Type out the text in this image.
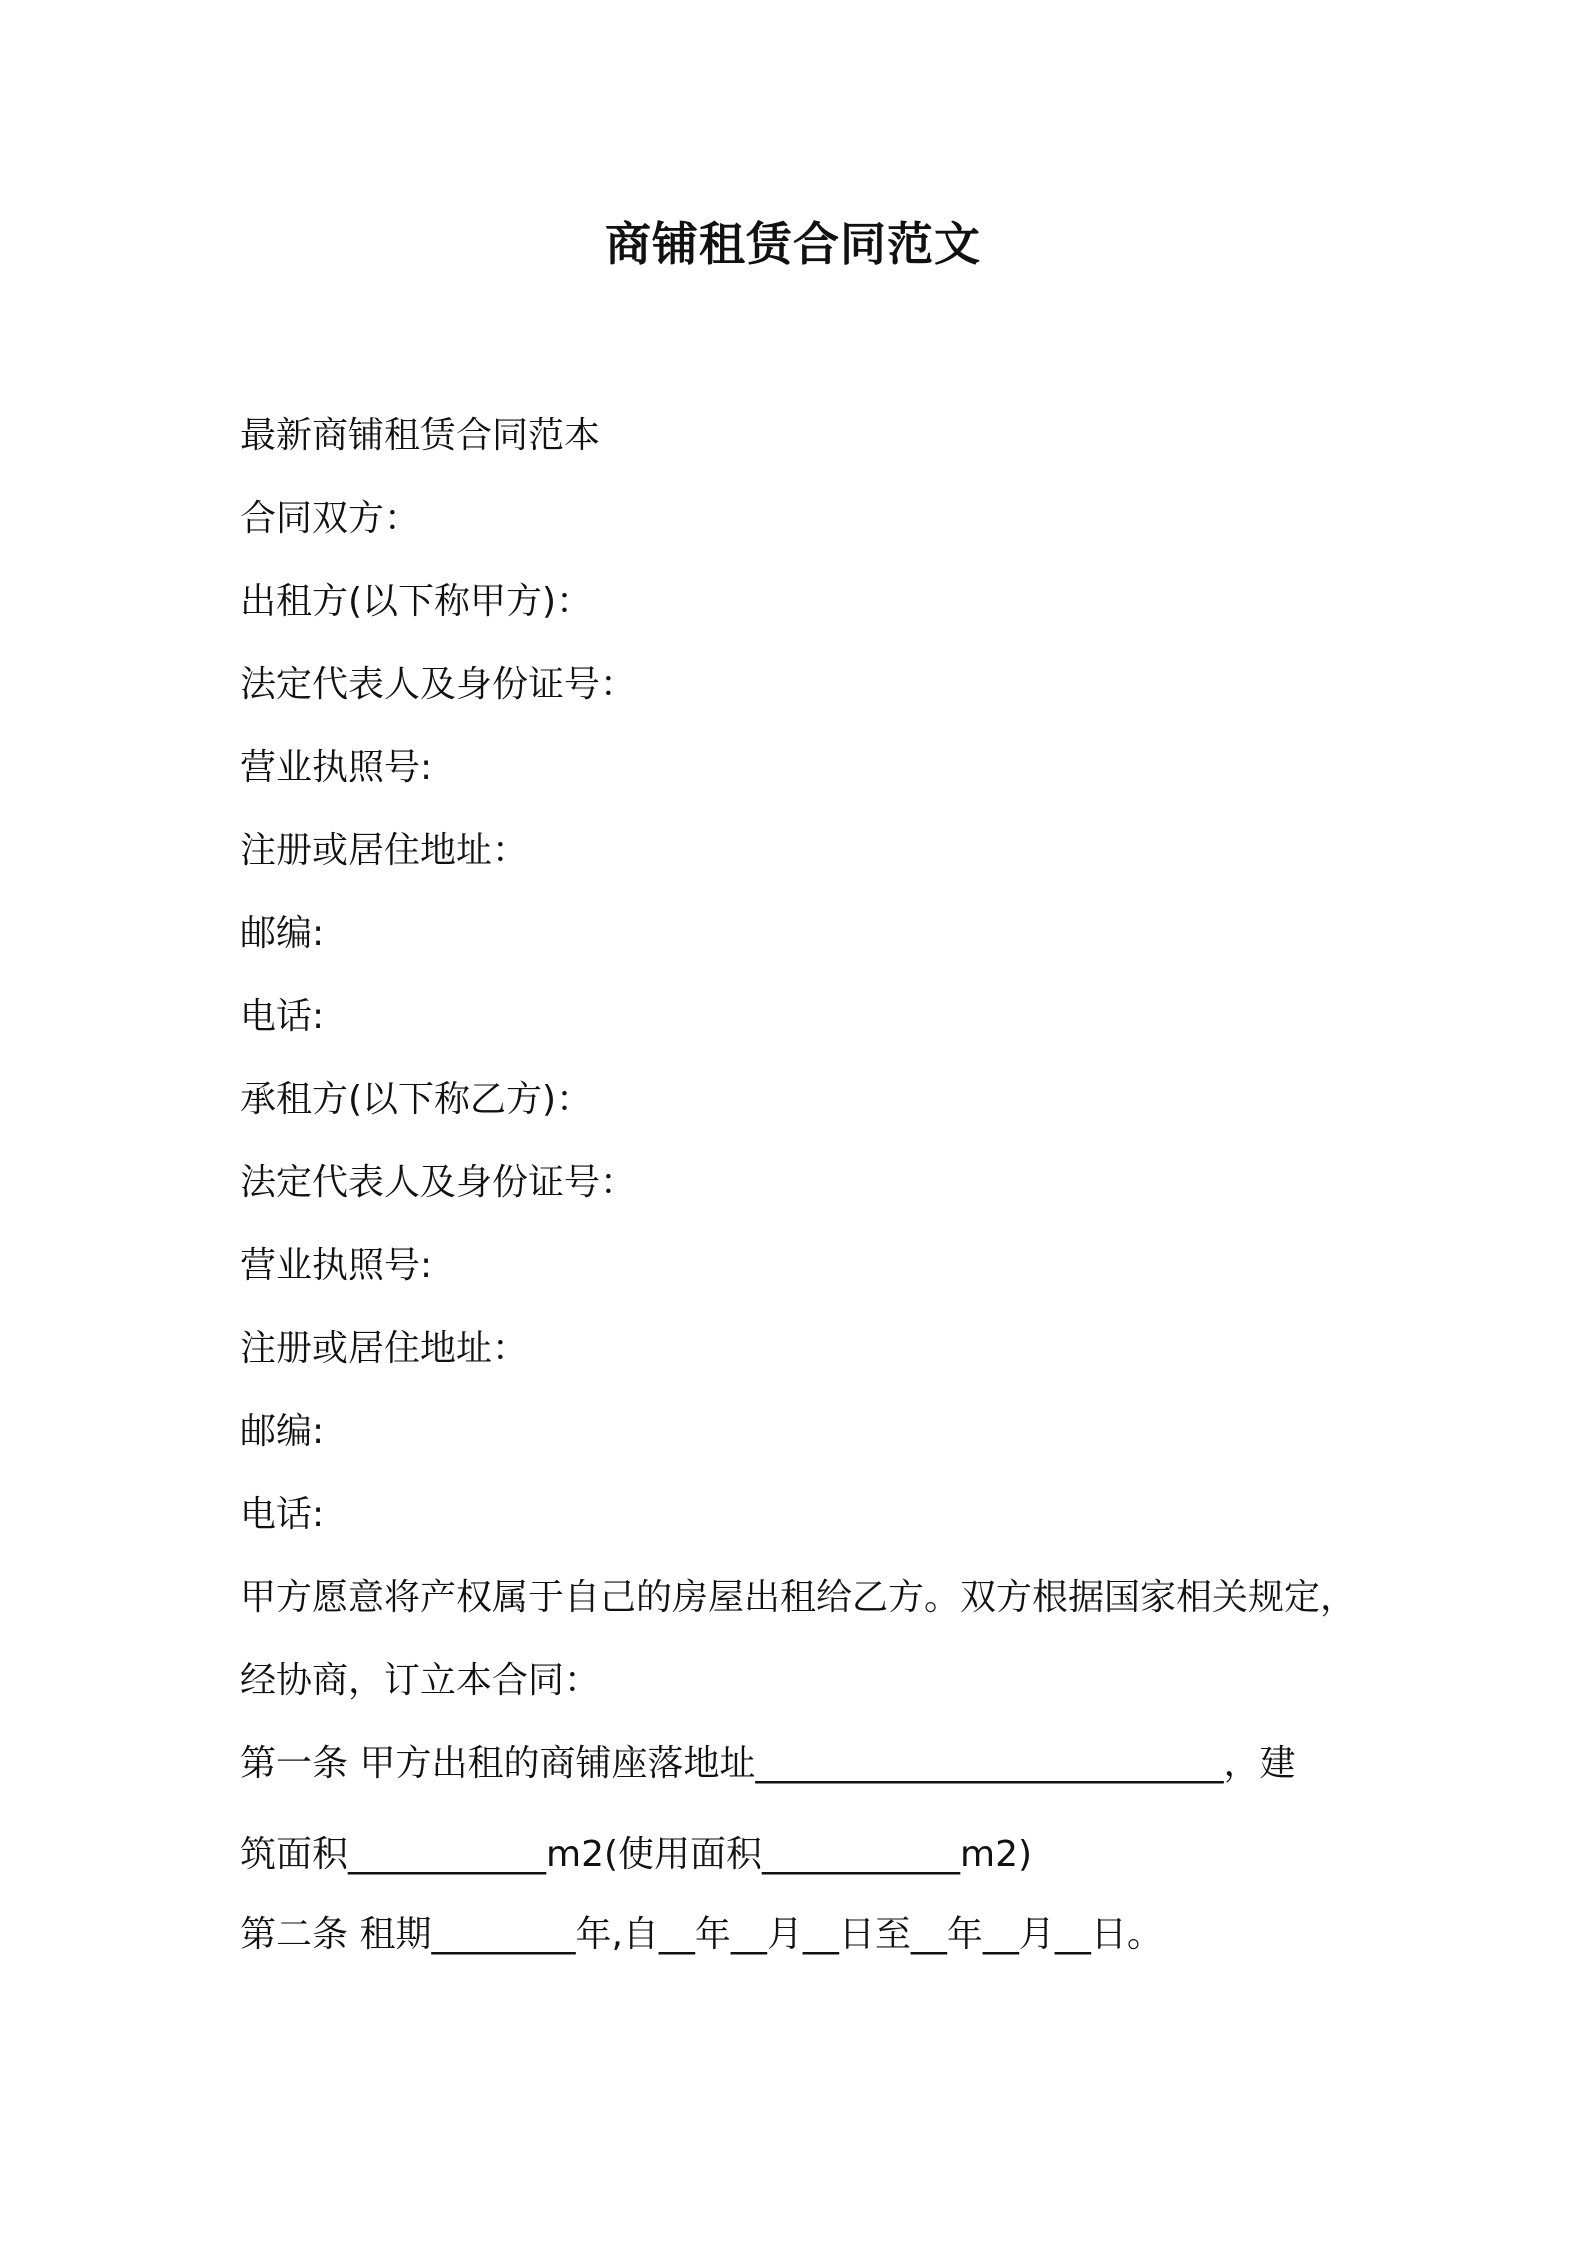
商铺租赁合同范文
最新商铺租赁合同范本
合同双方：
出租方(以下称甲方)：
法定代表人及身份证号：
营业执照号:
注册或居住地址：
邮编:
电话:
承租方(以下称乙方)：
法定代表人及身份证号：
营业执照号:
注册或居住地址：
邮编:
电话:
甲方愿意将产权属于自己的房屋出租给乙方。双方根据国家相关规定，
经协商，订立本合同：
第一条 甲方出租的商铺座落地址__________________________，建
筑面积___________m2(使用面积___________m2)
第二条 租期________年,自__年__月__日至__年__月__日。
